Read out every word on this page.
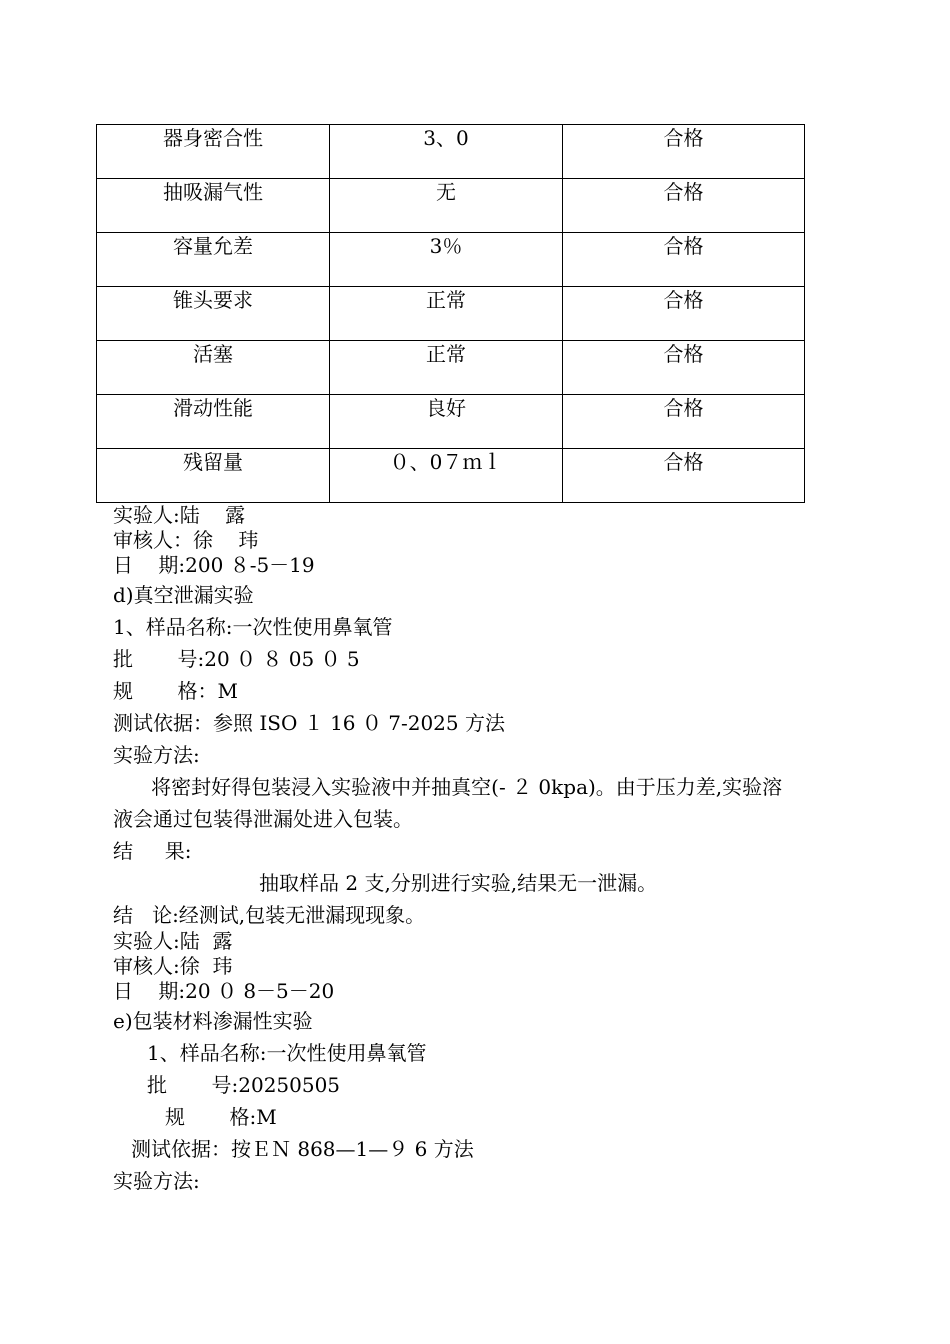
器身密合性	3、0	合格
抽吸漏气性	无	合格
容量允差	3％	合格
锥头要求	正常	合格
活塞	正常	合格
滑动性能	良好	合格
残留量	０、0７ｍｌ	合格
实验人:陆    露
审核人：徐    玮
日    期:200 ８-5－19
d)真空泄漏实验
1、样品名称:一次性使用鼻氧管
批       号:20 ０ ８ 05 ０ 5
规       格：M
测试依据：参照 ISO １ 16 ０ 7-2025 方法
实验方法:
将密封好得包装浸入实验液中并抽真空(- ２ 0kpa)。由于压力差,实验溶
液会通过包装得泄漏处进入包装。
结     果:
抽取样品 2 支,分别进行实验,结果无一泄漏。
结   论:经测试,包装无泄漏现现象。
实验人:陆  露
审核人:徐  玮
日    期:20 ０ 8－5－20
e)包装材料渗漏性实验
1、样品名称:一次性使用鼻氧管
批       号:20250505
规       格:M
测试依据：按ＥＮ 868—1—９ 6 方法
实验方法:
